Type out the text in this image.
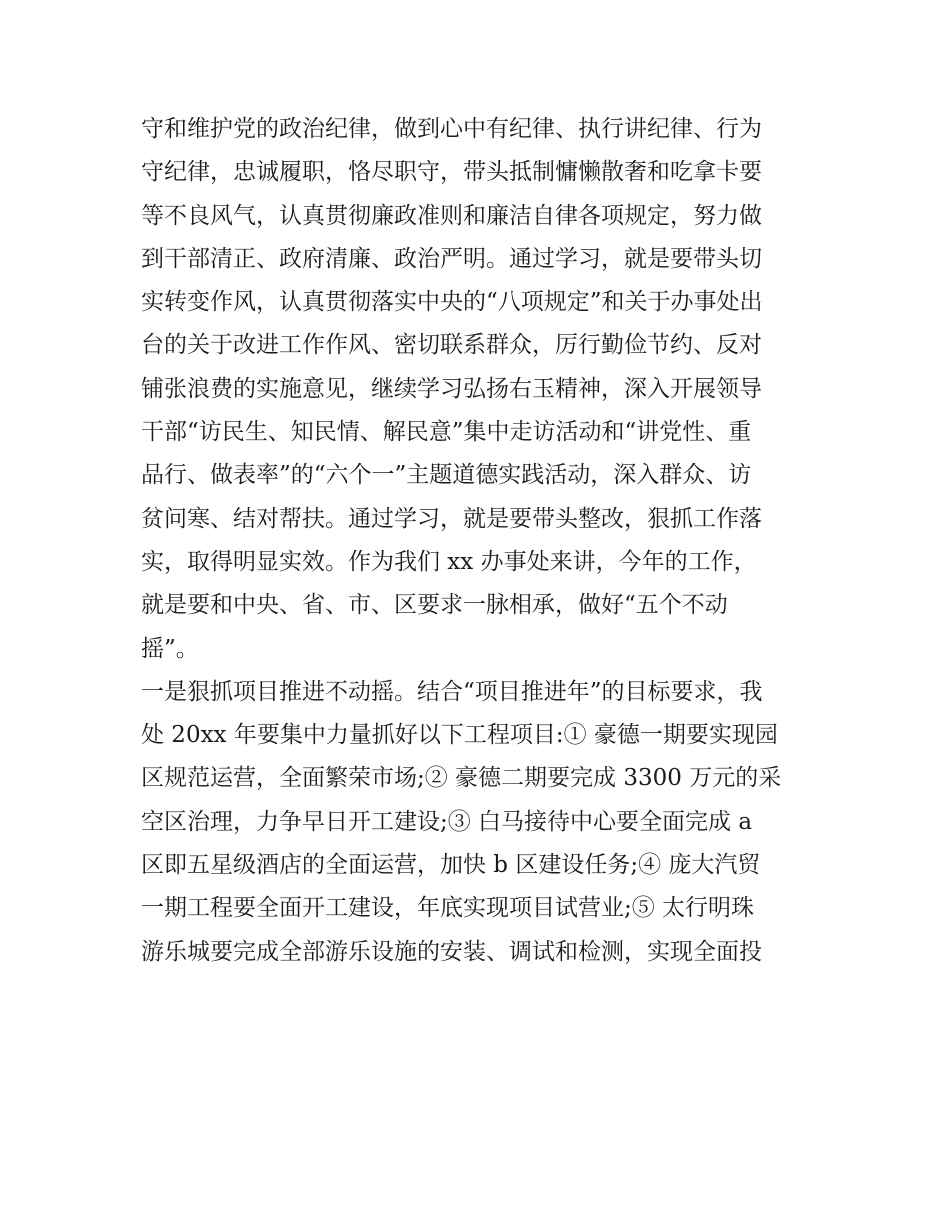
守和维护党的政治纪律，做到心中有纪律、执行讲纪律、行为
守纪律，忠诚履职，恪尽职守，带头抵制慵懒散奢和吃拿卡要
等不良风气，认真贯彻廉政准则和廉洁自律各项规定，努力做
到干部清正、政府清廉、政治严明。通过学习，就是要带头切
实转变作风，认真贯彻落实中央的“八项规定”和关于办事处出
台的关于改进工作作风、密切联系群众，厉行勤俭节约、反对
铺张浪费的实施意见，继续学习弘扬右玉精神，深入开展领导
干部“访民生、知民情、解民意”集中走访活动和“讲党性、重
品行、做表率”的“六个一”主题道德实践活动，深入群众、访
贫问寒、结对帮扶。通过学习，就是要带头整改，狠抓工作落
实，取得明显实效。作为我们 xx 办事处来讲，今年的工作，
就是要和中央、省、市、区要求一脉相承，做好“五个不动
摇”。
一是狠抓项目推进不动摇。结合“项目推进年”的目标要求，我
处 20xx 年要集中力量抓好以下工程项目:① 豪德一期要实现园
区规范运营，全面繁荣市场;② 豪德二期要完成 3300 万元的采
空区治理，力争早日开工建设;③ 白马接待中心要全面完成 a
区即五星级酒店的全面运营，加快 b 区建设任务;④ 庞大汽贸
一期工程要全面开工建设，年底实现项目试营业;⑤ 太行明珠
游乐城要完成全部游乐设施的安装、调试和检测，实现全面投
